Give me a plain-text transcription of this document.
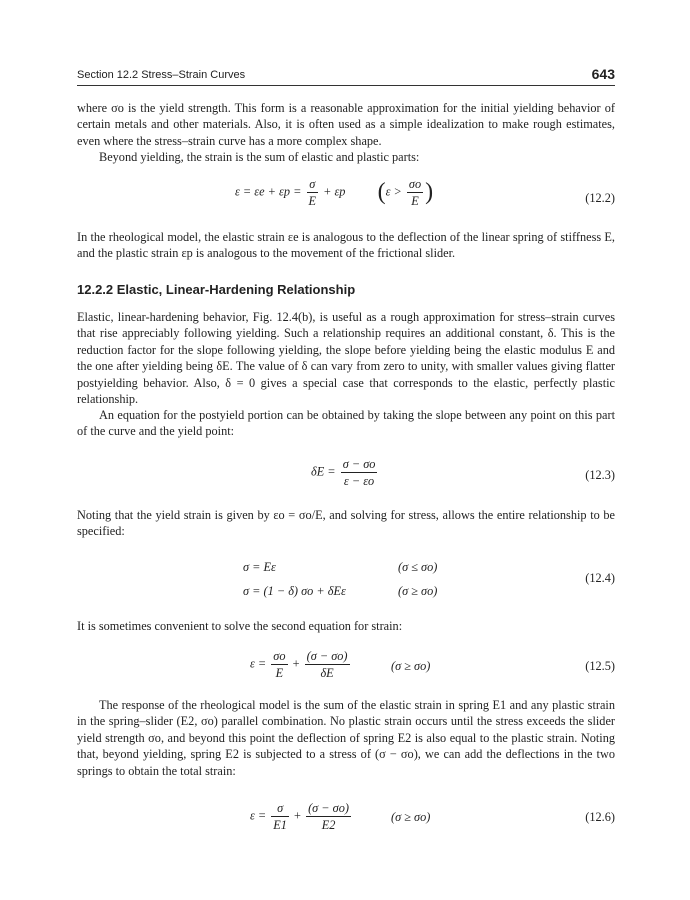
Section 12.2 Stress–Strain Curves	643
where σo is the yield strength. This form is a reasonable approximation for the initial yielding behavior of certain metals and other materials. Also, it is often used as a simple idealization to make rough estimates, even where the stress–strain curve has a more complex shape.
Beyond yielding, the strain is the sum of elastic and plastic parts:
$\varepsilon = \varepsilon e + \varepsilon p = \frac{\sigma}{E} + \varepsilon p$ ($\varepsilon > \frac{\sigma o}{E}$ )	(12.2)
In the rheological model, the elastic strain εe is analogous to the deflection of the linear spring of stiffness E, and the plastic strain εp is analogous to the movement of the frictional slider.
12.2.2 Elastic, Linear-Hardening Relationship
Elastic, linear-hardening behavior, Fig. 12.4(b), is useful as a rough approximation for stress–strain curves that rise appreciably following yielding. Such a relationship requires an additional constant, δ. This is the reduction factor for the slope following yielding, the slope before yielding being the elastic modulus E and the one after yielding being δE. The value of δ can vary from zero to unity, with smaller values giving flatter postyielding behavior. Also, δ = 0 gives a special case that corresponds to the elastic, perfectly plastic relationship.
An equation for the postyield portion can be obtained by taking the slope between any point on this part of the curve and the yield point:
$\delta E = \frac{\sigma - \sigma o}{\varepsilon - \varepsilon o}$	(12.3)
Noting that the yield strain is given by εo = σo/E, and solving for stress, allows the entire relationship to be specified:
σ = Eε	(σ ≤ σo)
σ = (1 − δ) σo + δEε	(σ ≥ σo)
(12.4)
It is sometimes convenient to solve the second equation for strain:
$\varepsilon = \frac{\sigma o}{E} + \frac{(\sigma - \sigma o)}{\delta E}$	(σ ≥ σo)	(12.5)
The response of the rheological model is the sum of the elastic strain in spring E1 and any plastic strain in the spring–slider (E2, σo) parallel combination. No plastic strain occurs until the stress exceeds the slider yield strength σo, and beyond this point the deflection of spring E2 is also equal to the plastic strain. Noting that, beyond yielding, spring E2 is subjected to a stress of (σ − σo), we can add the deflections in the two springs to obtain the total strain:
$\varepsilon = \frac{\sigma}{E1} + \frac{(\sigma - \sigma o)}{E2}$	(σ ≥ σo)	(12.6)
